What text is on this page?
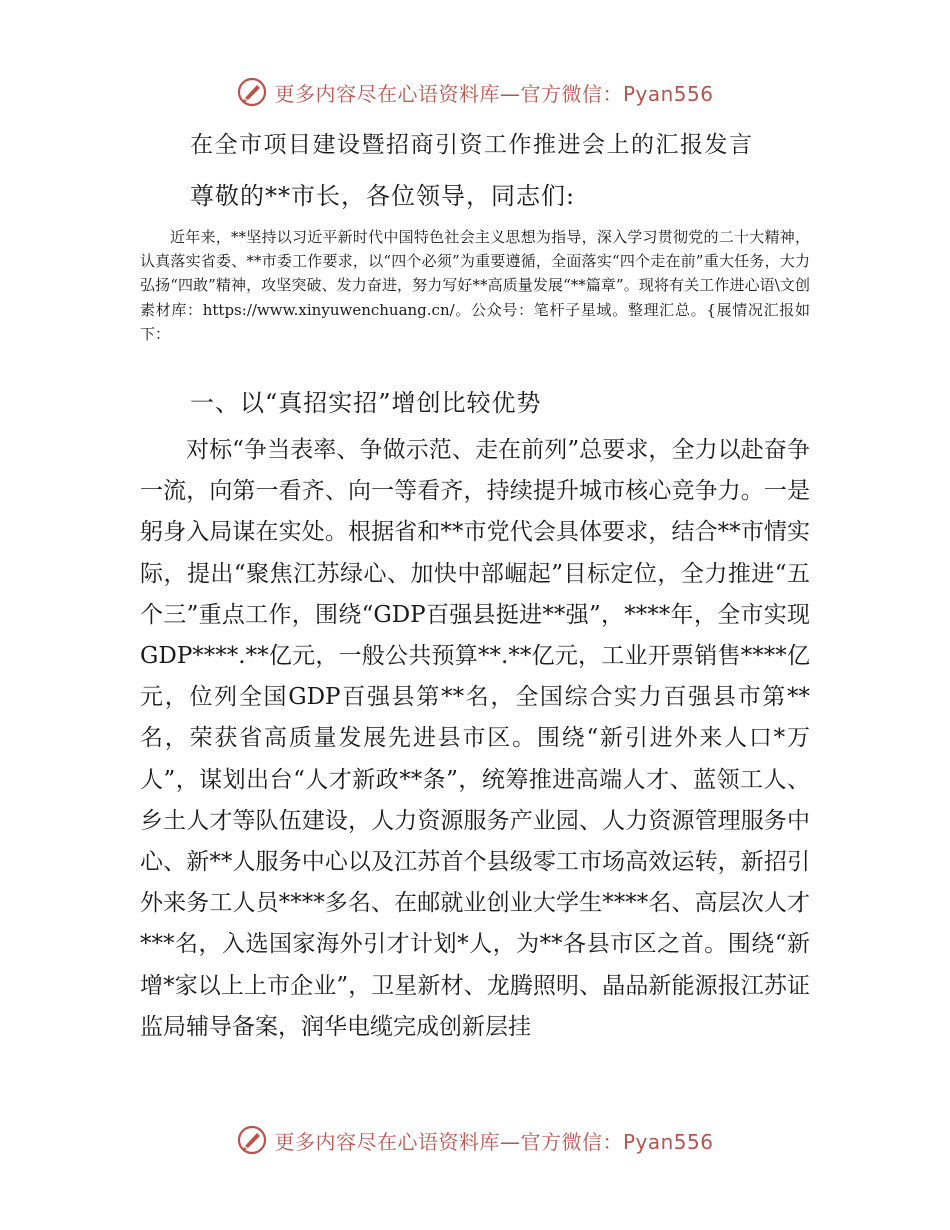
更多内容尽在心语资料库—官方微信：Pyan556
在全市项目建设暨招商引资工作推进会上的汇报发言
尊敬的**市长，各位领导，同志们:

近年来，**坚持以习近平新时代中国特色社会主义思想为指导，深入学习贯彻党的二十大精神，认真落实省委、**市委工作要求，以“四个必须”为重要遵循，全面落实“四个走在前”重大任务，大力弘扬“四敢”精神，攻坚突破、发力奋进，努力写好**高质量发展“**篇章”。现将有关工作进心语\文创素材库：https://www.xinyuwenchuang.cn/。公众号：笔杆子星域。整理汇总。{展情况汇报如下：

一、以“真招实招”增创比较优势

对标“争当表率、争做示范、走在前列”总要求，全力以赴奋争一流，向第一看齐、向一等看齐，持续提升城市核心竞争力。一是躬身入局谋在实处。根据省和**市党代会具体要求，结合**市情实际，提出“聚焦江苏绿心、加快中部崛起”目标定位，全力推进“五个三”重点工作，围绕“GDP百强县挺进**强”，****年，全市实现GDP****.**亿元，一般公共预算**.**亿元，工业开票销售****亿元，位列全国GDP百强县第**名，全国综合实力百强县市第**名，荣获省高质量发展先进县市区。围绕“新引进外来人口*万人”，谋划出台“人才新政**条”，统筹推进高端人才、蓝领工人、乡土人才等队伍建设，人力资源服务产业园、人力资源管理服务中心、新**人服务中心以及江苏首个县级零工市场高效运转，新招引外来务工人员****多名、在邮就业创业大学生****名、高层次人才***名，入选国家海外引才计划*人，为**各县市区之首。围绕“新增*家以上上市企业”，卫星新材、龙腾照明、晶品新能源报江苏证监局辅导备案，润华电缆完成创新层挂

更多内容尽在心语资料库—官方微信：Pyan556
